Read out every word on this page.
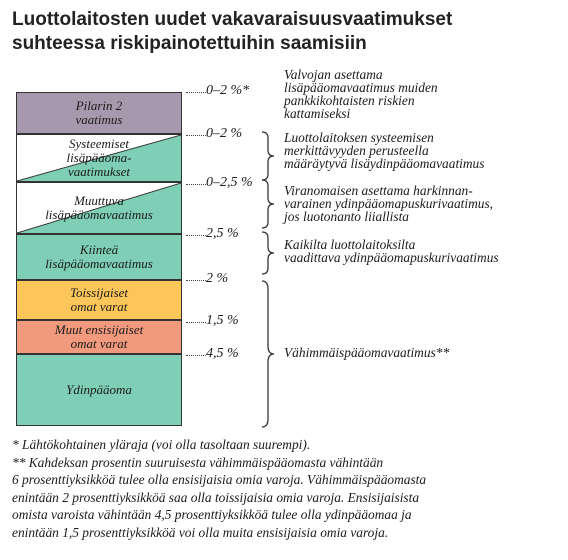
Luottolaitosten uudet vakavaraisuusvaatimukset
suhteessa riskipainotettuihin saamisiin
Pilarin 2
vaatimus
Systeemiset
lisäpääoma-
vaatimukset
Muuttuva
lisäpääomavaatimus
Kiinteä
lisäpääomavaatimus
Toissijaiset
omat varat
Muut ensisijaiset
omat varat
Ydinpääoma
0–2 %*
0–2 %
0–2,5 %
2,5 %
2 %
1,5 %
4,5 %
Valvojan asettama
lisäpääomavaatimus muiden
pankkikohtaisten riskien
kattamiseksi
Luottolaitoksen systeemisen
merkittävyyden perusteella
määräytyvä lisäydinpääomavaatimus
Viranomaisen asettama harkinnan-
varainen ydinpääomapuskurivaatimus,
jos luotonanto liiallista
Kaikilta luottolaitoksilta
vaadittava ydinpääomapuskurivaatimus
Vähimmäispääomavaatimus**
* Lähtökohtainen yläraja (voi olla tasoltaan suurempi).
** Kahdeksan prosentin suuruisesta vähimmäispääomasta vähintään
6 prosenttiyksikköä tulee olla ensisijaisia omia varoja. Vähimmäispääomasta
enintään 2 prosenttiyksikköä saa olla toissijaisia omia varoja. Ensisijaisista
omista varoista vähintään 4,5 prosenttiyksikköä tulee olla ydinpääomaa ja
enintään 1,5 prosenttiyksikköä voi olla muita ensisijaisia omia varoja.
